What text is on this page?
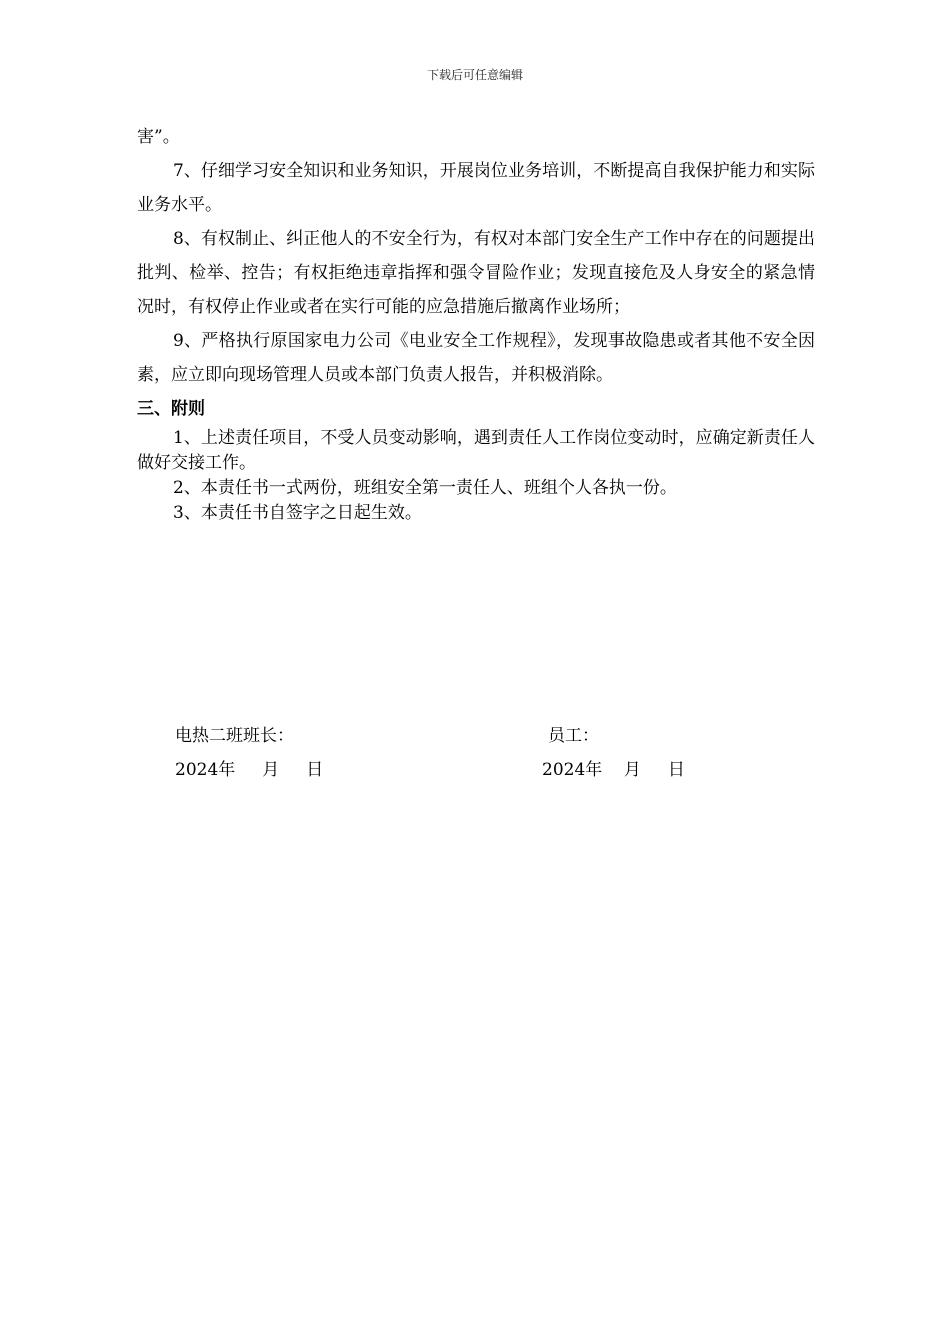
下载后可任意编辑

害”。

7、仔细学习安全知识和业务知识，开展岗位业务培训，不断提高自我保护能力和实际业务水平。

8、有权制止、纠正他人的不安全行为，有权对本部门安全生产工作中存在的问题提出批判、检举、控告；有权拒绝违章指挥和强令冒险作业；发现直接危及人身安全的紧急情况时，有权停止作业或者在实行可能的应急措施后撤离作业场所；

9、严格执行原国家电力公司《电业安全工作规程》，发现事故隐患或者其他不安全因素，应立即向现场管理人员或本部门负责人报告，并积极消除。

三、附则

1、上述责任项目，不受人员变动影响，遇到责任人工作岗位变动时，应确定新责任人做好交接工作。

2、本责任书一式两份，班组安全第一责任人、班组个人各执一份。

3、本责任书自签字之日起生效。

电热二班班长：	员工：
2024年     月     日	2024年    月     日
